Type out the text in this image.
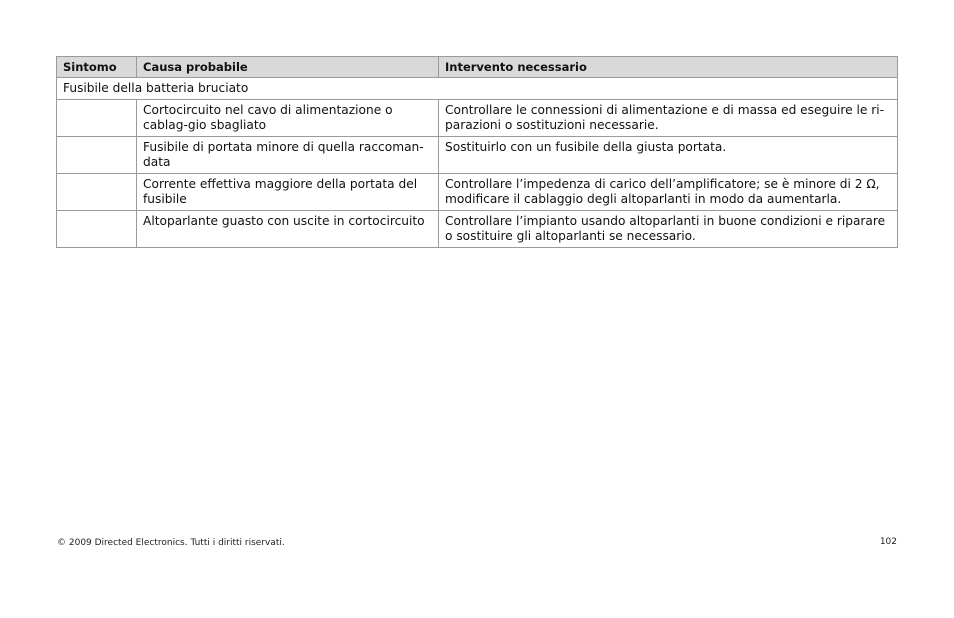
Sintomo	Causa probabile	Intervento necessario
Fusibile della batteria bruciato		
	Cortocircuito nel cavo di alimentazione o cablag-gio sbagliato	Controllare le connessioni di alimentazione e di massa ed eseguire le ri-parazioni o sostituzioni necessarie.
	Fusibile di portata minore di quella raccoman-data	Sostituirlo con un fusibile della giusta portata.
	Corrente effettiva maggiore della portata del fusibile	Controllare l’impedenza di carico dell’amplificatore; se è minore di 2 Ω, modificare il cablaggio degli altoparlanti in modo da aumentarla.
	Altoparlante guasto con uscite in cortocircuito	Controllare l’impianto usando altoparlanti in buone condizioni e riparare o sostituire gli altoparlanti se necessario.
© 2009 Directed Electronics. Tutti i diritti riservati.	102
